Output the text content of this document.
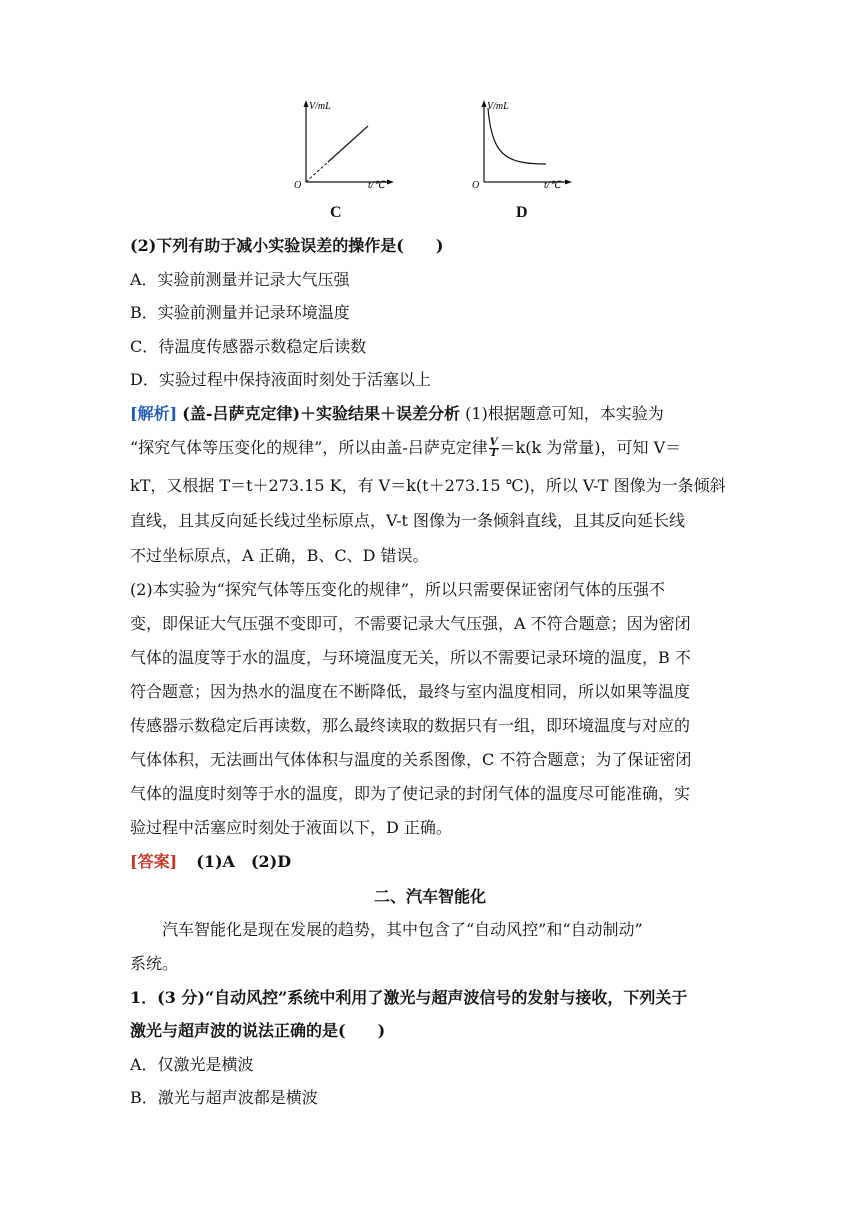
V/mL
O	t/℃
C
V/mL
O	t/℃
D
(2)下列有助于减小实验误差的操作是(　　)
A．实验前测量并记录大气压强
B．实验前测量并记录环境温度
C．待温度传感器示数稳定后读数
D．实验过程中保持液面时刻处于活塞以上
[解析] (盖-吕萨克定律)＋实验结果＋误差分析 (1)根据题意可知，本实验为
“探究气体等压变化的规律”，所以由盖-吕萨克定律 $\frac{V}{T} =k(k$ 为常量)，可知 V＝
kT，又根据 T＝t＋273.15 K，有 V＝k(t＋273.15 ℃)，所以 V-T 图像为一条倾斜
直线，且其反向延长线过坐标原点，V-t 图像为一条倾斜直线，且其反向延长线
不过坐标原点，A 正确，B、C、D 错误。
(2)本实验为“探究气体等压变化的规律”，所以只需要保证密闭气体的压强不
变，即保证大气压强不变即可，不需要记录大气压强，A 不符合题意；因为密闭
气体的温度等于水的温度，与环境温度无关，所以不需要记录环境的温度，B 不
符合题意；因为热水的温度在不断降低，最终与室内温度相同，所以如果等温度
传感器示数稳定后再读数，那么最终读取的数据只有一组，即环境温度与对应的
气体体积，无法画出气体体积与温度的关系图像，C 不符合题意；为了保证密闭
气体的温度时刻等于水的温度，即为了使记录的封闭气体的温度尽可能准确，实
验过程中活塞应时刻处于液面以下，D 正确。
[答案] (1)A　(2)D
二、汽车智能化
　　汽车智能化是现在发展的趋势，其中包含了“自动风控”和“自动制动”
系统。
1．(3 分)“自动风控”系统中利用了激光与超声波信号的发射与接收，下列关于
激光与超声波的说法正确的是(　　)
A．仅激光是横波
B．激光与超声波都是横波
